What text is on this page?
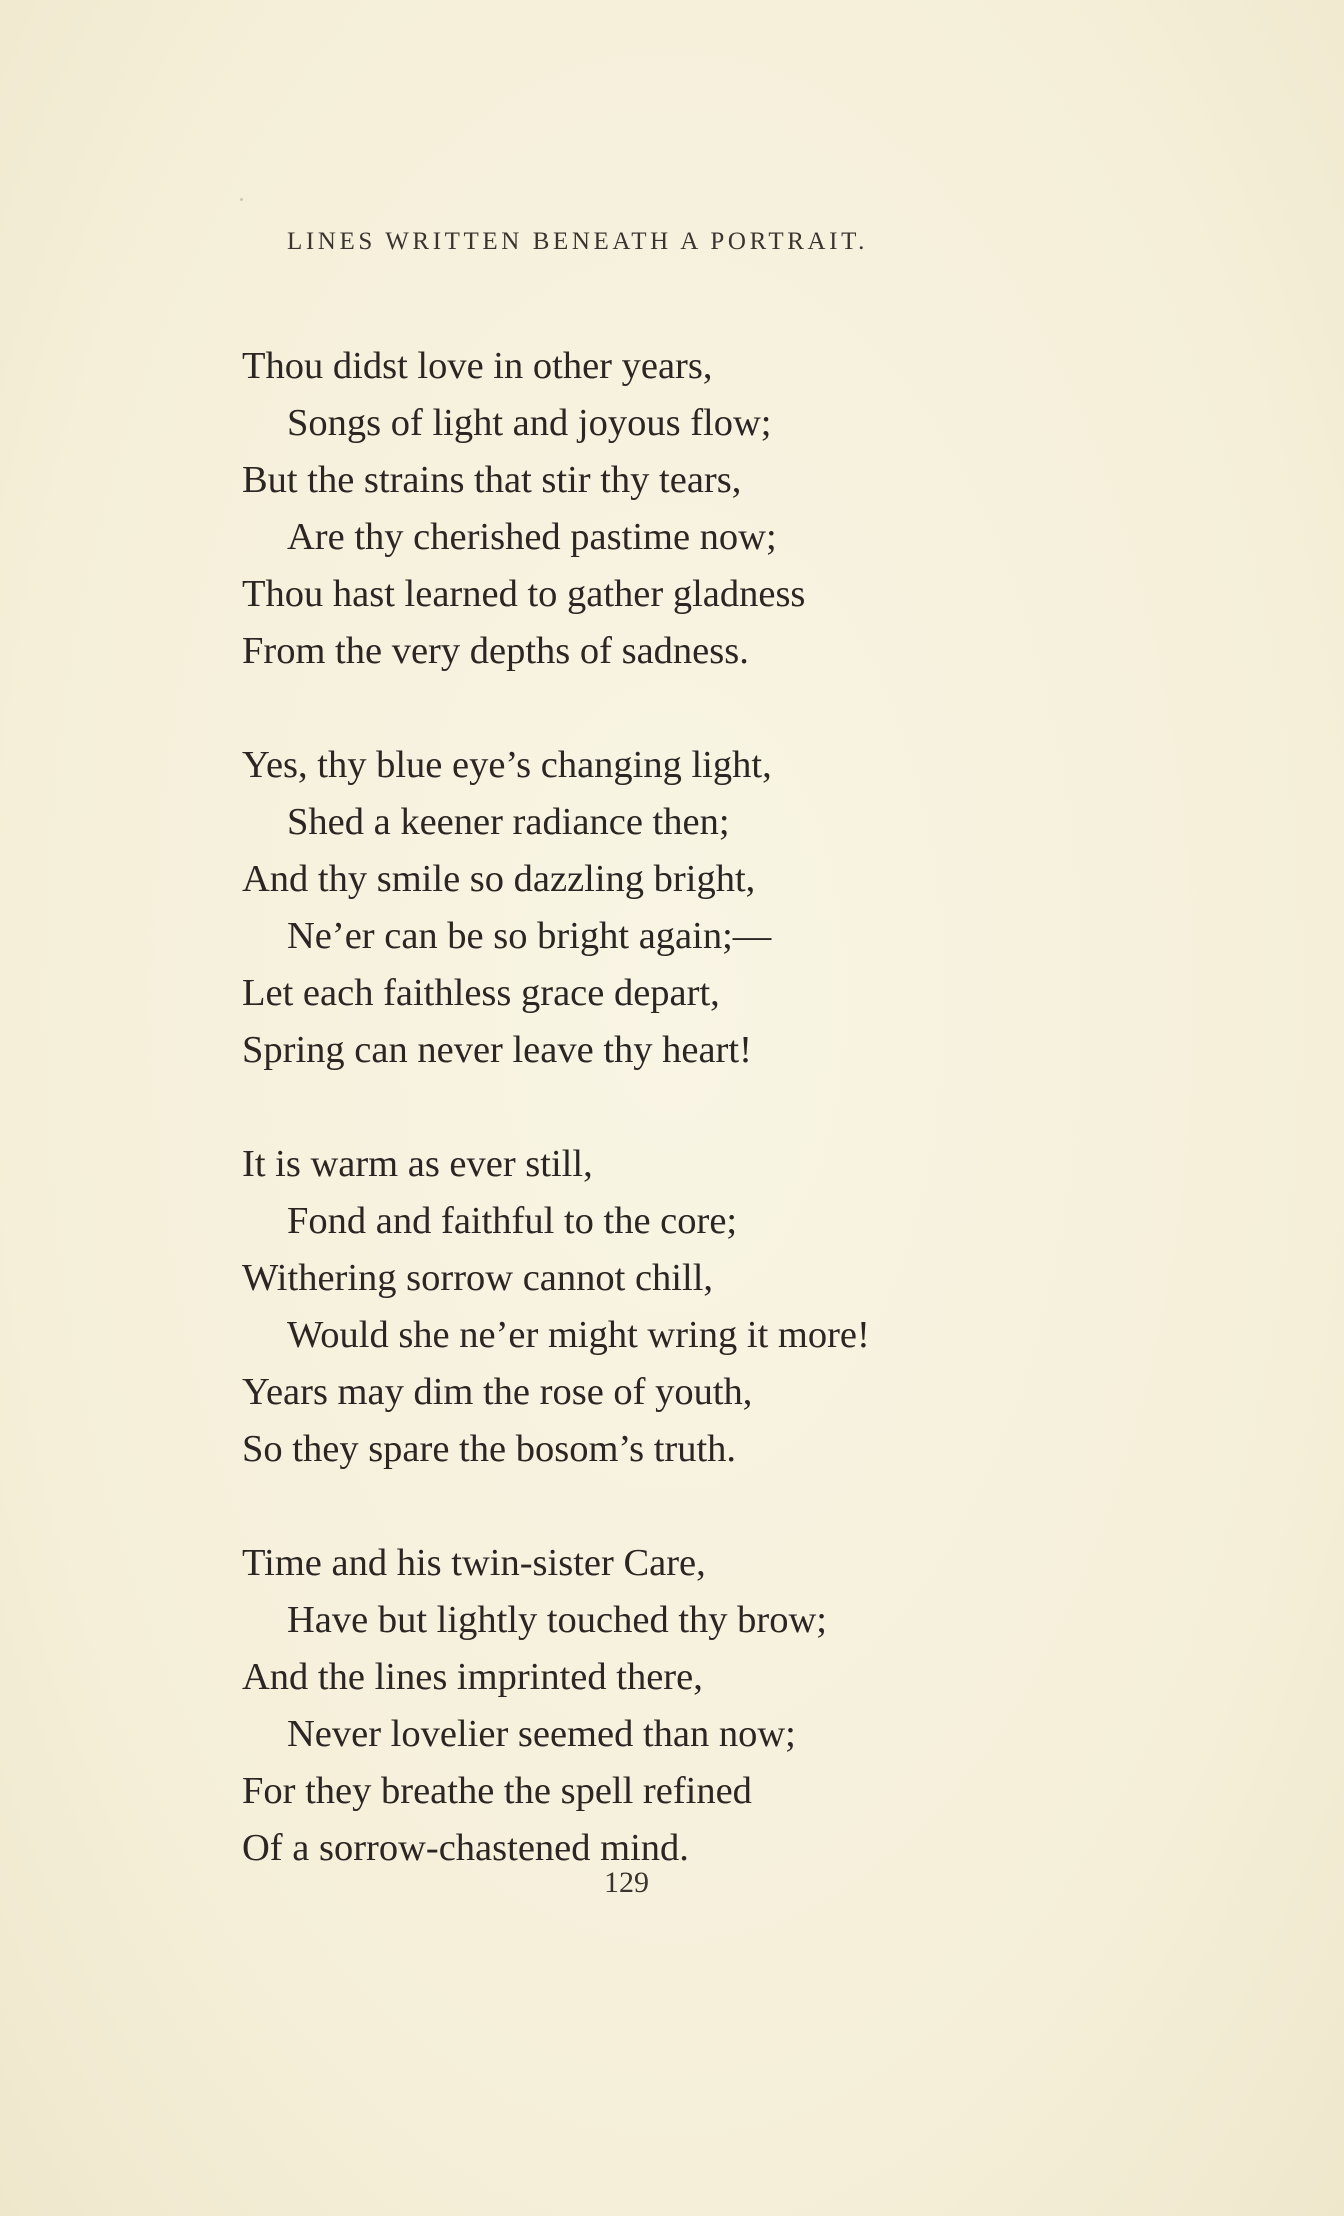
LINES WRITTEN BENEATH A PORTRAIT.
Thou didst love in other years,
Songs of light and joyous flow;
But the strains that stir thy tears,
Are thy cherished pastime now;
Thou hast learned to gather gladness
From the very depths of sadness.
Yes, thy blue eye’s changing light,
Shed a keener radiance then;
And thy smile so dazzling bright,
Ne’er can be so bright again;—
Let each faithless grace depart,
Spring can never leave thy heart!
It is warm as ever still,
Fond and faithful to the core;
Withering sorrow cannot chill,
Would she ne’er might wring it more!
Years may dim the rose of youth,
So they spare the bosom’s truth.
Time and his twin-sister Care,
Have but lightly touched thy brow;
And the lines imprinted there,
Never lovelier seemed than now;
For they breathe the spell refined
Of a sorrow-chastened mind.
129
